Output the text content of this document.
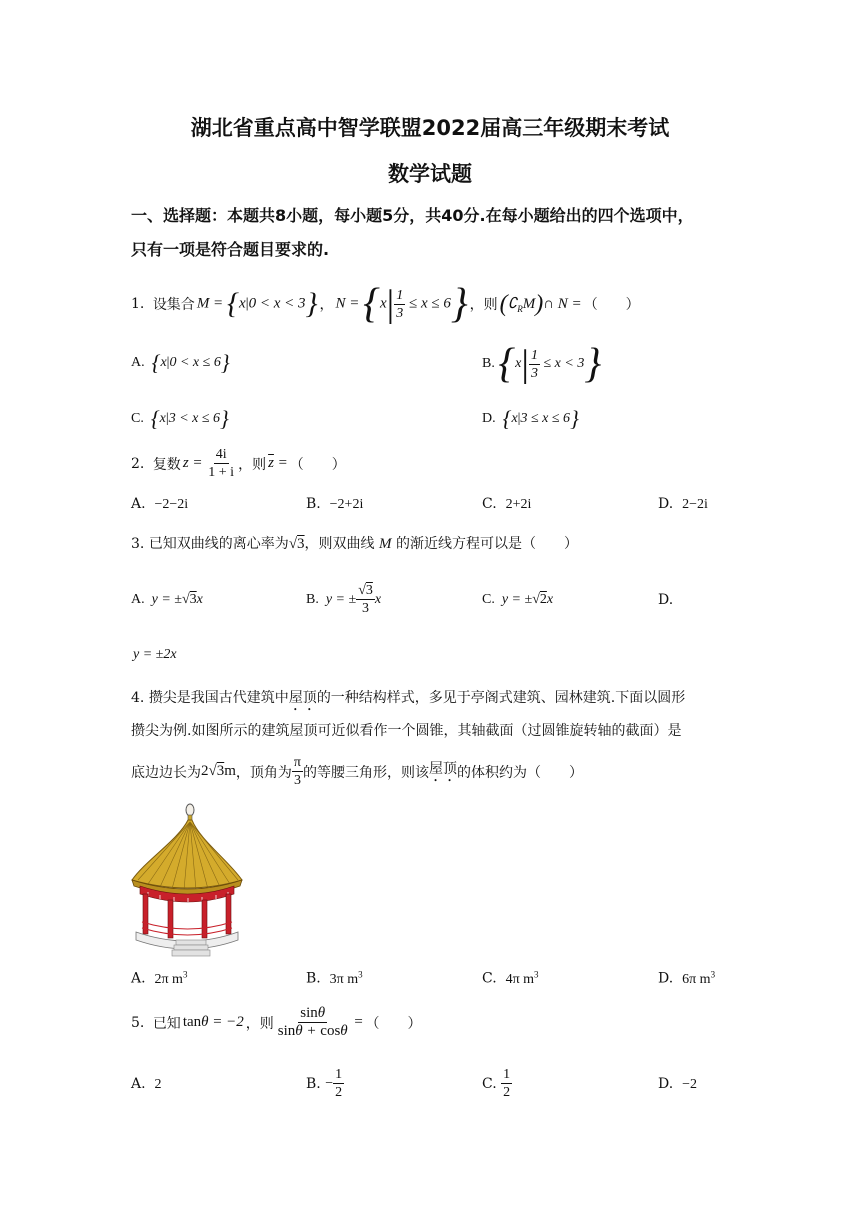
湖北省重点高中智学联盟2022届高三年级期末考试
数学试题
一、选择题：本题共8小题，每小题5分，共40分.在每小题给出的四个选项中，
只有一项是符合题目要求的.
1.
设集合 M = {x|0 < x < 3} ， $N = \{x| \frac{1}{3} \le x \le 6\}$ ，则 $(∁_RM)\cap$ N = （　　）
A. {x|0 < x ≤ 6}	B.
{ x | $\frac{1}{3} \le x < 3$ }
C. {x|3 < x ≤ 6}	D. {x|3 ≤ x ≤ 6}
2.
复数 $z = \frac{4i}{1 + i}$ ，则 $\overline{z}$ = （　　）
A. −2−2i	B. −2+2i	C. 2+2i	D. 2−2i
3. 已知双曲线的离心率为√3，则双曲线 M 的渐近线方程可以是（　　）
A.  y = ±√3x	B. y = ± $\frac{√3}{3}$ x	C.  y = ±√2x	D.
y = ±2x
4. 攒尖是我国古代建筑中屋顶的一种结构样式，多见于亭阁式建筑、园林建筑.下面以圆形
攒尖为例.如图所示的建筑屋顶可近似看作一个圆锥，其轴截面（过圆锥旋转轴的截面）是
底边边长为 2√3m ，顶角为 $\frac{\pi}{3}$ 的等腰三角形，则该 屋顶 的体积约为（　　）
A. 2π $m^3$	B. 3π $m^3$	C. 4π $m^3$	D. 6π $m^3$
5.
已知 tanθ = −2 ，则 $\frac{\sin\theta}{\sin\theta + \cos\theta}$ = （　　）
A. 2	B.
− $\frac{1}{2}$	C.
$\frac{1}{2}$	D. −2
